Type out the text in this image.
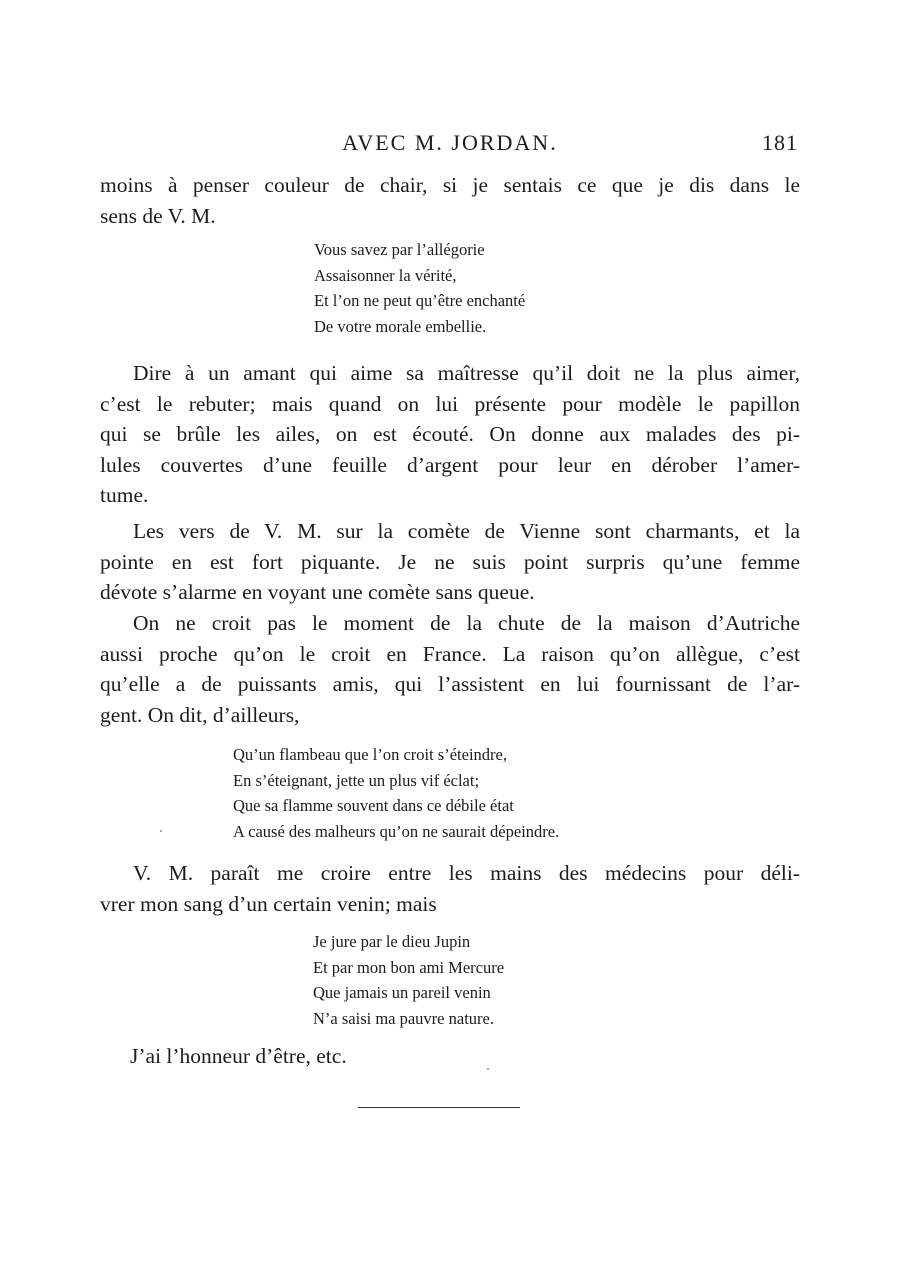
AVEC M. JORDAN.	181

moins à penser couleur de chair, si je sentais ce que je dis dans le
sens de V. M.

Vous savez par l’allégorie
Assaisonner la vérité,
Et l’on ne peut qu’être enchanté
De votre morale embellie.

Dire à un amant qui aime sa maîtresse qu’il doit ne la plus aimer,
c’est le rebuter; mais quand on lui présente pour modèle le papillon
qui se brûle les ailes, on est écouté. On donne aux malades des pi-
lules couvertes d’une feuille d’argent pour leur en dérober l’amer-
tume.

Les vers de V. M. sur la comète de Vienne sont charmants, et la
pointe en est fort piquante. Je ne suis point surpris qu’une femme
dévote s’alarme en voyant une comète sans queue.

On ne croit pas le moment de la chute de la maison d’Autriche
aussi proche qu’on le croit en France. La raison qu’on allègue, c’est
qu’elle a de puissants amis, qui l’assistent en lui fournissant de l’ar-
gent. On dit, d’ailleurs,

Qu’un flambeau que l’on croit s’éteindre,
En s’éteignant, jette un plus vif éclat;
Que sa flamme souvent dans ce débile état
A causé des malheurs qu’on ne saurait dépeindre.

V. M. paraît me croire entre les mains des médecins pour déli-
vrer mon sang d’un certain venin; mais

Je jure par le dieu Jupin
Et par mon bon ami Mercure
Que jamais un pareil venin
N’a saisi ma pauvre nature.

J’ai l’honneur d’être, etc.
